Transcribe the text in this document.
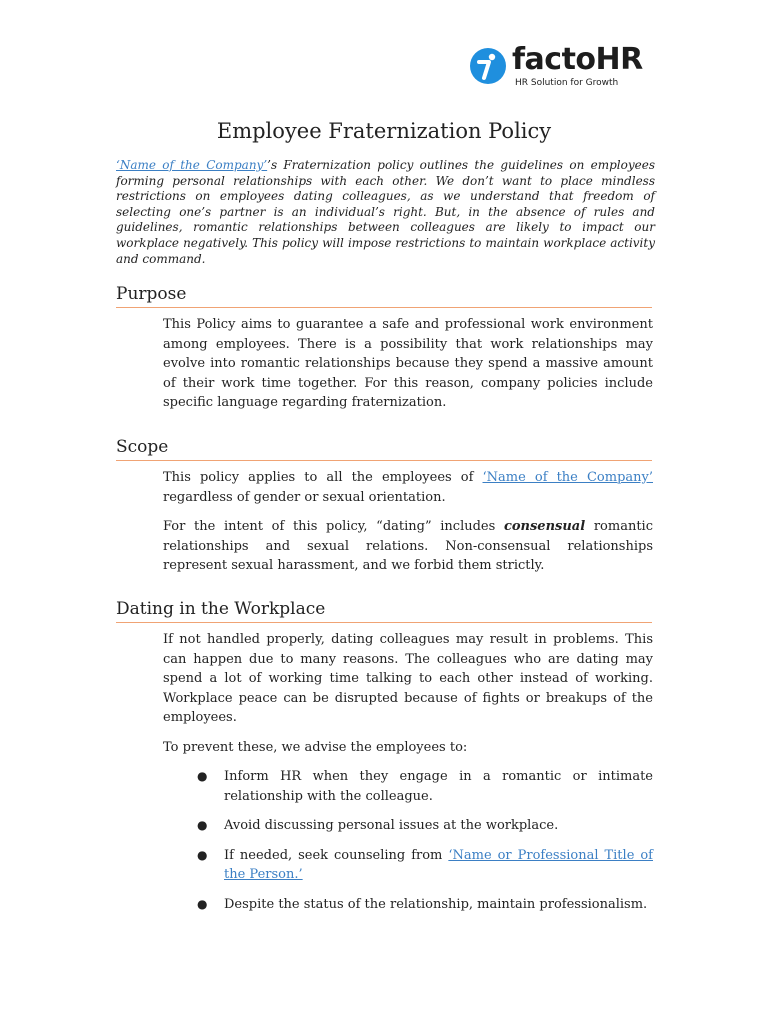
factoHR
HR Solution for Growth
Employee Fraternization Policy

‘Name of the Company’’s Fraternization policy outlines the guidelines on employees forming personal relationships with each other. We don’t want to place mindless restrictions on employees dating colleagues, as we understand that freedom of selecting one’s partner is an individual’s right. But, in the absence of rules and guidelines, romantic relationships between colleagues are likely to impact our workplace negatively. This policy will impose restrictions to maintain workplace activity and command.

Purpose

This Policy aims to guarantee a safe and professional work environment among employees. There is a possibility that work relationships may evolve into romantic relationships because they spend a massive amount of their work time together. For this reason, company policies include specific language regarding fraternization.

Scope

This policy applies to all the employees of ‘Name of the Company’ regardless of gender or sexual orientation.

For the intent of this policy, “dating” includes consensual romantic relationships and sexual relations. Non-consensual relationships represent sexual harassment, and we forbid them strictly.

Dating in the Workplace

If not handled properly, dating colleagues may result in problems. This can happen due to many reasons. The colleagues who are dating may spend a lot of working time talking to each other instead of working. Workplace peace can be disrupted because of fights or breakups of the employees.

To prevent these, we advise the employees to:

● Inform HR when they engage in a romantic or intimate relationship with the colleague.
● Avoid discussing personal issues at the workplace.
● If needed, seek counseling from ‘Name or Professional Title of the Person.’
● Despite the status of the relationship, maintain professionalism.
